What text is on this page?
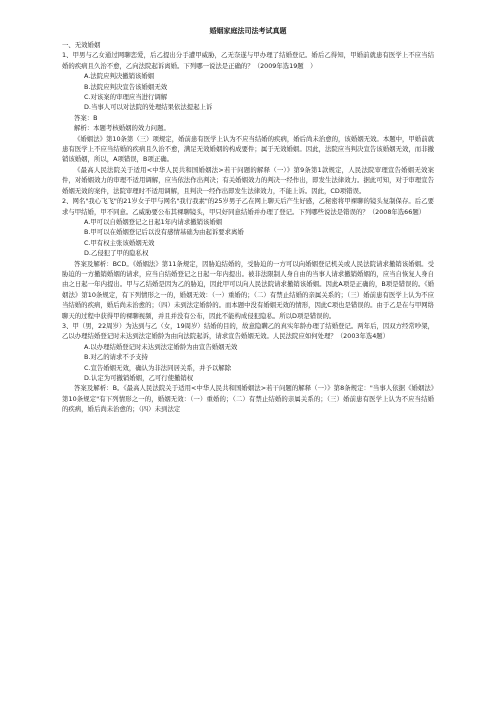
婚姻家庭法司法考试真题

一、无效婚姻

1、甲男与乙女通过网聊恋爱，后乙提出分手遭甲威胁，乙无奈遂与甲办理了结婚登记。婚后乙得知，甲婚前就患有医学上不应当结婚的疾病且久治不愈，乙向法院起诉离婚。下列哪一说法是正确的？（2009年选19题　）

A.法院应判决撤销该婚姻

B.法院应判决宣告该婚姻无效

C.对该案的审理应当进行调解

D.当事人可以对法院的处理结果依法提起上诉

答案：B

解析：本题考核婚姻的效力问题。

《婚姻法》第10条第（三）项规定，婚前患有医学上认为不应当结婚的疾病，婚后尚未治愈的，该婚姻无效。本题中，甲婚前就患有医学上不应当结婚的疾病且久治不愈，满足无效婚姻的构成要件；属于无效婚姻。因此，法院应当判决宣告该婚姻无效，而非撤销该婚姻，所以，A项错误，B项正确。

《最高人民法院关于适用<中华人民共和国婚姻法>若干问题的解释（一）》第9条第1款规定，人民法院审理宣告婚姻无效案件，对婚姻效力的审理不适用调解，应当依法作出判决；有关婚姻效力的判决一经作出，即发生法律效力。据此可知，对于审理宣告婚姻无效的案件，法院审理时不适用调解，且判决一经作出即发生法律效力，不能上诉。因此，CD项错误。

2、网名"我心飞飞"的21岁女子甲与网名"我行我素"的25岁男子乙在网上聊天后产生好感，乙秘密将甲裸聊的镜头复制保存。后乙要求与甲结婚，甲不同意。乙威胁要公布其裸聊镜头，甲只好同意结婚并办理了登记。下列哪些说法是错误的？（2008年选66题）

A.甲可以自婚姻登记之日起1年内请求撤销该婚姻

B.甲可以在婚姻登记后以没有感情基础为由起诉要求离婚

C.甲有权主张该婚姻无效

D.乙侵犯了甲的隐私权

答案及解析：BCD。《婚姻法》第11条规定，因胁迫结婚的，受胁迫的一方可以向婚姻登记机关或人民法院请求撤销该婚姻。受胁迫的一方撤销婚姻的请求，应当自结婚登记之日起一年内提出。被非法限制人身自由的当事人请求撤销婚姻的，应当自恢复人身自由之日起一年内提出。甲与乙结婚是因为乙的胁迫，因此甲可以向人民法院请求撤销该婚姻。因此A项是正确的，B项是错误的。《婚姻法》第10条规定，有下列情形之一的，婚姻无效：（一）重婚的；（二）有禁止结婚的亲属关系的；（三）婚前患有医学上认为不应当结婚的疾病，婚后尚未治愈的；（四）未到法定婚龄的。而本题中没有婚姻无效的情形，因此C项也是错误的。由于乙是在与甲网络聊天的过程中获得甲的裸聊视频，并且并没有公布，因此不能构成侵犯隐私。所以D项是错误的。

3、甲（男，22周岁）为达到与乙（女，19周岁）结婚的目的，故意隐瞒乙的真实年龄办理了结婚登记。两年后，因双方经常吵架，乙以办理结婚登记时未达到法定婚龄为由向法院起诉，请求宣告婚姻无效。人民法院应如何处理？（2003年选4题）

A.以办理结婚登记时未达到法定婚龄为由宣告婚姻无效

B.对乙的请求不予支持

C.宣告婚姻无效，确认为非法同居关系，并予以解除

D.认定为可撤销婚姻，乙可行使撤销权

答案及解析：B。《最高人民法院关于适用<中华人民共和国婚姻法>若干问题的解释（一）》第8条规定："当事人依据《婚姻法》第10条规定"有下列情形之一的，婚姻无效：（一）重婚的；（二）有禁止结婚的亲属关系的；（三）婚前患有医学上认为不应当结婚的疾病，婚后尚未治愈的；（四）未到法定
